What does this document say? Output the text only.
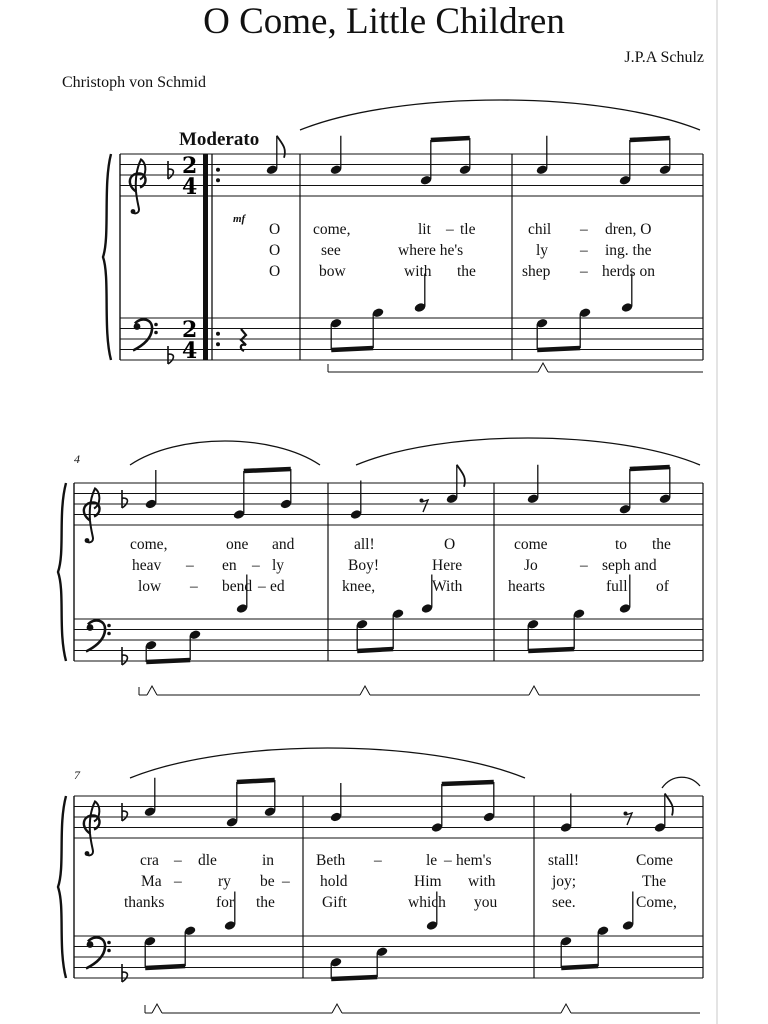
O Come, Little Children
J.P.A Schulz
Christoph von Schmid
Moderato
mf
4
7
O come,	lit – tle	chil – dren, O
O	see	where he's	ly – ing. the
O	bow	with the	shep – herds on
come,	one and	all!	O	come	to the
heav – en – ly	Boy!	Here	Jo	– seph and
low – bend – ed	knee,	With	hearts	full of
cra – dle	in	Beth –	le – hem's	stall!	Come
Ma – ry be – hold	Him with	joy;	The
thanks	for the	Gift	which you	see.	Come,
2
2
4
4
